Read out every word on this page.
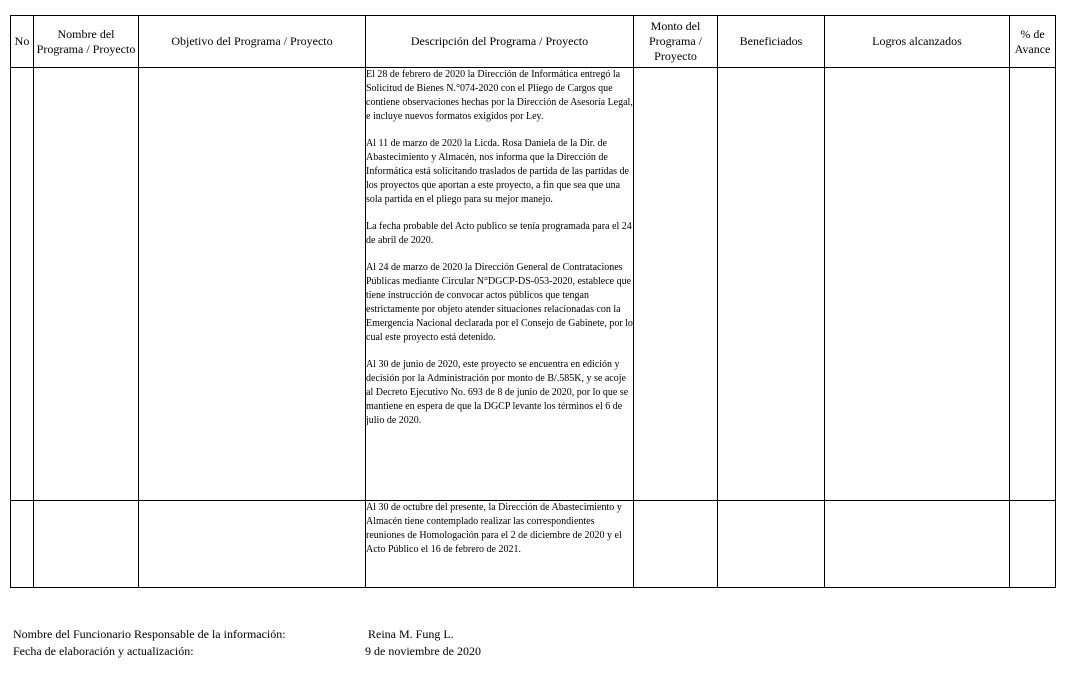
No	Nombre del Programa / Proyecto	Objetivo del Programa / Proyecto	Descripción del Programa / Proyecto	Monto del Programa / Proyecto	Beneficiados	Logros alcanzados	% de Avance

			El 28 de febrero de 2020 la Dirección de Informática entregó la Solicitud de Bienes N.°074-2020 con el Pliego de Cargos que contiene observaciones hechas por la Dirección de Asesoría Legal, e incluye nuevos formatos exigidos por Ley.

Al 11 de marzo de 2020 la Licda. Rosa Daniela de la Dir. de Abastecimiento y Almacén, nos informa que la Dirección de Informática está solicitando traslados de partida de las partidas de los proyectos que aportan a este proyecto, a fin que sea que una sola partida en el pliego para su mejor manejo.

La fecha probable del Acto publico se tenía programada para el 24 de abril de 2020.

Al 24 de marzo de 2020 la Dirección General de Contrataciones Públicas mediante Circular N°DGCP-DS-053-2020, establece que tiene instrucción de convocar actos públicos que tengan estrictamente por objeto atender situaciones relacionadas con la Emergencia Nacional declarada por el Consejo de Gabinete, por lo cual este proyecto está detenido.

Al 30 de junio de 2020, este proyecto se encuentra en edición y decisión por la Administración por monto de B/.585K, y se acoje al Decreto Ejecutivo No. 693 de 8 de junio de 2020, por lo que se mantiene en espera de que la DGCP levante los términos el 6 de julio de 2020.				

			Al 30 de octubre del presente, la Dirección de Abastecimiento y Almacén tiene contemplado realizar las correspondientes reuniones de Homologación para el 2 de diciembre de 2020 y el Acto Público el 16 de febrero de 2021.				

Nombre del Funcionario Responsable de la información:	Reina M. Fung L.
Fecha de elaboración y actualización:	9 de noviembre de 2020
